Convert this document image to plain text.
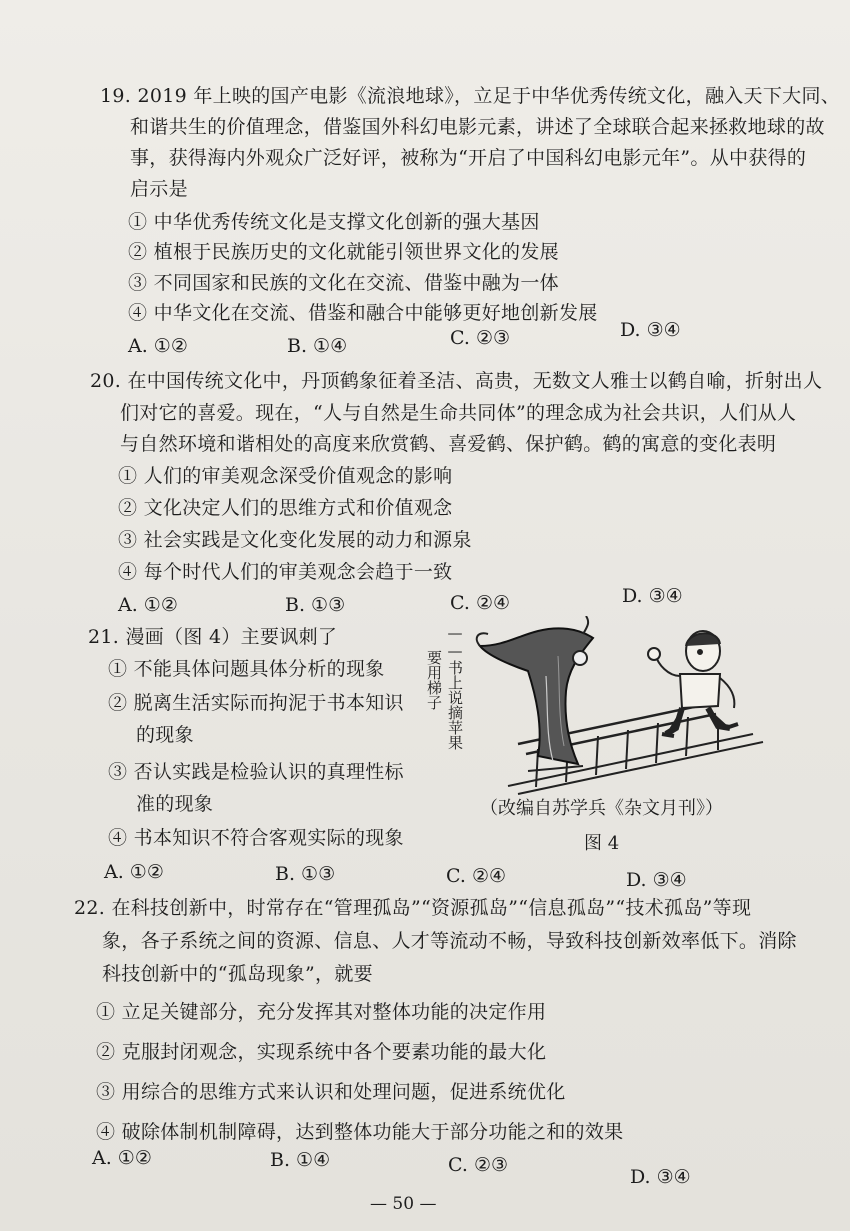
19. 2019 年上映的国产电影《流浪地球》，立足于中华优秀传统文化，融入天下大同、
和谐共生的价值理念，借鉴国外科幻电影元素，讲述了全球联合起来拯救地球的故
事，获得海内外观众广泛好评，被称为“开启了中国科幻电影元年”。从中获得的
启示是
① 中华优秀传统文化是支撑文化创新的强大基因
② 植根于民族历史的文化就能引领世界文化的发展
③ 不同国家和民族的文化在交流、借鉴中融为一体
④ 中华文化在交流、借鉴和融合中能够更好地创新发展
A. ①②	B. ①④	C. ②③	D. ③④
20. 在中国传统文化中，丹顶鹤象征着圣洁、高贵，无数文人雅士以鹤自喻，折射出人
们对它的喜爱。现在，“人与自然是生命共同体”的理念成为社会共识，人们从人
与自然环境和谐相处的高度来欣赏鹤、喜爱鹤、保护鹤。鹤的寓意的变化表明
① 人们的审美观念深受价值观念的影响
② 文化决定人们的思维方式和价值观念
③ 社会实践是文化变化发展的动力和源泉
④ 每个时代人们的审美观念会趋于一致
A. ①②	B. ①③	C. ②④	D. ③④
21. 漫画（图 4）主要讽刺了
① 不能具体问题具体分析的现象
② 脱离生活实际而拘泥于书本知识
的现象
③ 否认实践是检验认识的真理性标
准的现象
④ 书本知识不符合客观实际的现象
A. ①②	B. ①③	C. ②④	D. ③④
——书上说摘苹果
要用梯子
（改编自苏学兵《杂文月刊》）
图 4
22. 在科技创新中，时常存在“管理孤岛”“资源孤岛”“信息孤岛”“技术孤岛”等现
象，各子系统之间的资源、信息、人才等流动不畅，导致科技创新效率低下。消除
科技创新中的“孤岛现象”，就要
① 立足关键部分，充分发挥其对整体功能的决定作用
② 克服封闭观念，实现系统中各个要素功能的最大化
③ 用综合的思维方式来认识和处理问题，促进系统优化
④ 破除体制机制障碍，达到整体功能大于部分功能之和的效果
A. ①②	B. ①④	C. ②③
D. ③④
— 50 —
